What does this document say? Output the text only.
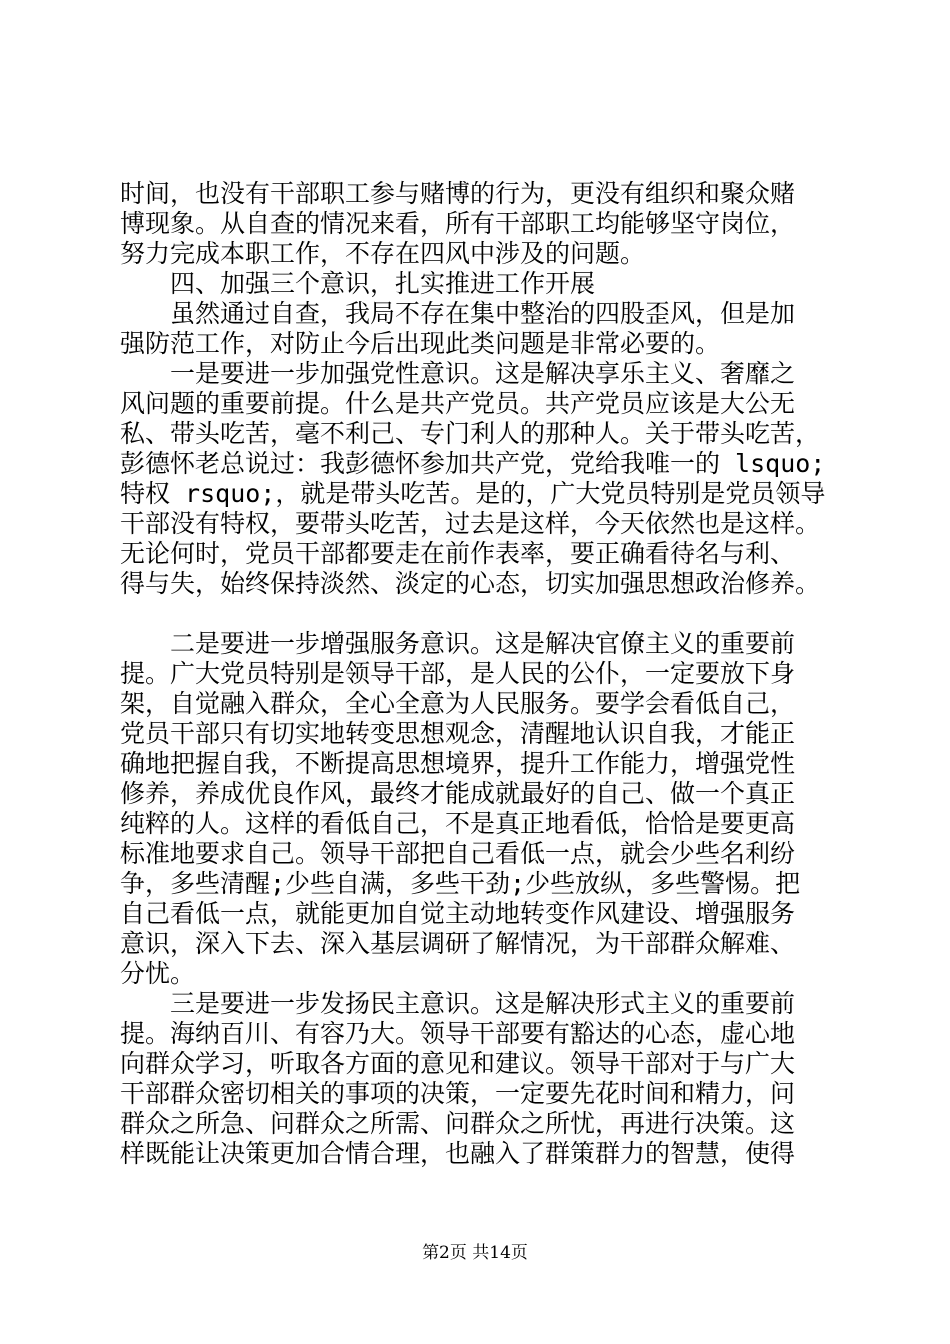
时间，也没有干部职工参与赌博的行为，更没有组织和聚众赌
博现象。从自查的情况来看，所有干部职工均能够坚守岗位，
努力完成本职工作，不存在四风中涉及的问题。
　　四、加强三个意识，扎实推进工作开展
　　虽然通过自查，我局不存在集中整治的四股歪风，但是加
强防范工作，对防止今后出现此类问题是非常必要的。
　　一是要进一步加强党性意识。这是解决享乐主义、奢靡之
风问题的重要前提。什么是共产党员。共产党员应该是大公无
私、带头吃苦，毫不利己、专门利人的那种人。关于带头吃苦，
彭德怀老总说过：我彭德怀参加共产党，党给我唯一的 lsquo;
特权 rsquo;，就是带头吃苦。是的，广大党员特别是党员领导
干部没有特权，要带头吃苦，过去是这样，今天依然也是这样。
无论何时，党员干部都要走在前作表率，要正确看待名与利、
得与失，始终保持淡然、淡定的心态，切实加强思想政治修养。
　　二是要进一步增强服务意识。这是解决官僚主义的重要前
提。广大党员特别是领导干部，是人民的公仆，一定要放下身
架，自觉融入群众，全心全意为人民服务。要学会看低自己，
党员干部只有切实地转变思想观念，清醒地认识自我，才能正
确地把握自我，不断提高思想境界，提升工作能力，增强党性
修养，养成优良作风，最终才能成就最好的自己、做一个真正
纯粹的人。这样的看低自己，不是真正地看低，恰恰是要更高
标准地要求自己。领导干部把自己看低一点，就会少些名利纷
争，多些清醒;少些自满，多些干劲;少些放纵，多些警惕。把
自己看低一点，就能更加自觉主动地转变作风建设、增强服务
意识，深入下去、深入基层调研了解情况，为干部群众解难、
分忧。
　　三是要进一步发扬民主意识。这是解决形式主义的重要前
提。海纳百川、有容乃大。领导干部要有豁达的心态，虚心地
向群众学习，听取各方面的意见和建议。领导干部对于与广大
干部群众密切相关的事项的决策，一定要先花时间和精力，问
群众之所急、问群众之所需、问群众之所忧，再进行决策。这
样既能让决策更加合情合理，也融入了群策群力的智慧，使得
第2页 共14页
